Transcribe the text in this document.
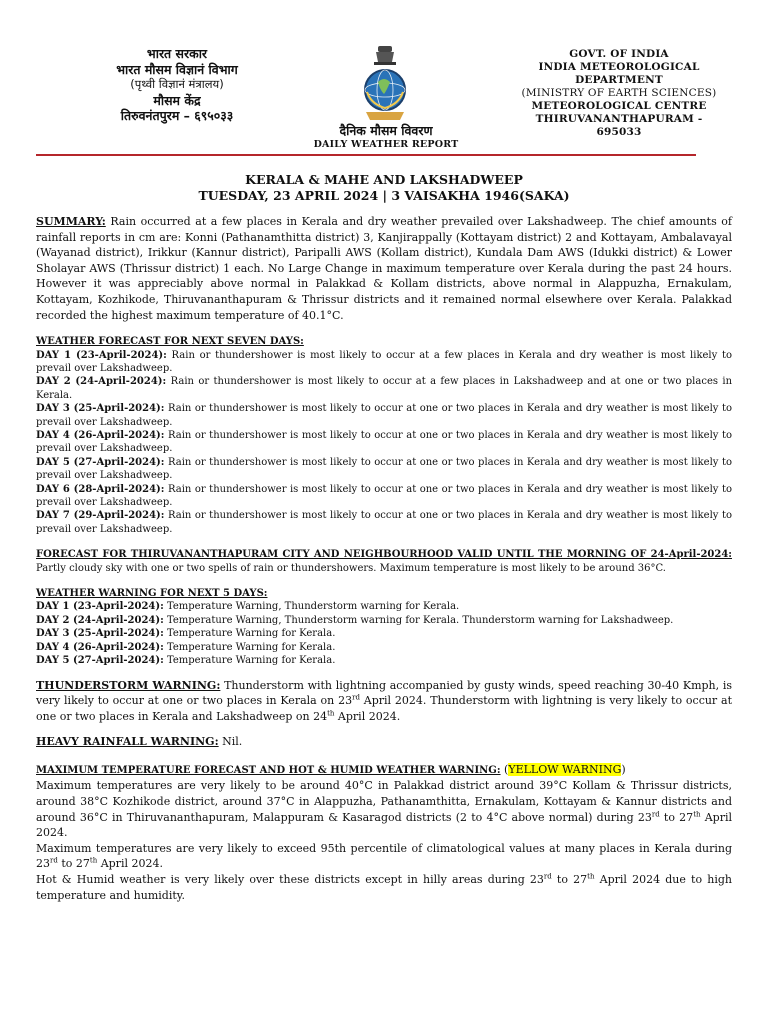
भारत सरकार
भारत मौसम विज्ञानं विभाग
(पृथ्वी विज्ञानं मंत्रालय)
मौसम केंद्र
तिरुवनंतपुरम – ६९५०३३
दैनिक मौसम विवरण
DAILY WEATHER REPORT
GOVT. OF INDIA
INDIA METEOROLOGICAL
DEPARTMENT
(MINISTRY OF EARTH SCIENCES)
METEOROLOGICAL CENTRE
THIRUVANANTHAPURAM -
695033
KERALA & MAHE AND LAKSHADWEEP
TUESDAY, 23 APRIL 2024 | 3 VAISAKHA 1946(SAKA)
SUMMARY: Rain occurred at a few places in Kerala and dry weather prevailed over Lakshadweep. The chief amounts of rainfall reports in cm are: Konni (Pathanamthitta district) 3, Kanjirappally (Kottayam district) 2 and Kottayam, Ambalavayal (Wayanad district), Irikkur (Kannur district), Paripalli AWS (Kollam district), Kundala Dam AWS (Idukki district) & Lower Sholayar AWS (Thrissur district) 1 each. No Large Change in maximum temperature over Kerala during the past 24 hours. However it was appreciably above normal in Palakkad & Kollam districts, above normal in Alappuzha, Ernakulam, Kottayam, Kozhikode, Thiruvananthapuram & Thrissur districts and it remained normal elsewhere over Kerala. Palakkad recorded the highest maximum temperature of 40.1°C.
WEATHER FORECAST FOR NEXT SEVEN DAYS:
DAY 1 (23-April-2024): Rain or thundershower is most likely to occur at a few places in Kerala and dry weather is most likely to prevail over Lakshadweep.
DAY 2 (24-April-2024): Rain or thundershower is most likely to occur at a few places in Lakshadweep and at one or two places in Kerala.
DAY 3 (25-April-2024): Rain or thundershower is most likely to occur at one or two places in Kerala and dry weather is most likely to prevail over Lakshadweep.
DAY 4 (26-April-2024): Rain or thundershower is most likely to occur at one or two places in Kerala and dry weather is most likely to prevail over Lakshadweep.
DAY 5 (27-April-2024): Rain or thundershower is most likely to occur at one or two places in Kerala and dry weather is most likely to prevail over Lakshadweep.
DAY 6 (28-April-2024): Rain or thundershower is most likely to occur at one or two places in Kerala and dry weather is most likely to prevail over Lakshadweep.
DAY 7 (29-April-2024): Rain or thundershower is most likely to occur at one or two places in Kerala and dry weather is most likely to prevail over Lakshadweep.
FORECAST FOR THIRUVANANTHAPURAM CITY AND NEIGHBOURHOOD VALID UNTIL THE MORNING OF 24-April-2024: Partly cloudy sky with one or two spells of rain or thundershowers. Maximum temperature is most likely to be around 36°C.
WEATHER WARNING FOR NEXT 5 DAYS:
DAY 1 (23-April-2024): Temperature Warning, Thunderstorm warning for Kerala.
DAY 2 (24-April-2024): Temperature Warning, Thunderstorm warning for Kerala. Thunderstorm warning for Lakshadweep.
DAY 3 (25-April-2024): Temperature Warning for Kerala.
DAY 4 (26-April-2024): Temperature Warning for Kerala.
DAY 5 (27-April-2024): Temperature Warning for Kerala.
THUNDERSTORM WARNING: Thunderstorm with lightning accompanied by gusty winds, speed reaching 30-40 Kmph, is very likely to occur at one or two places in Kerala on 23rd April 2024. Thunderstorm with lightning is very likely to occur at one or two places in Kerala and Lakshadweep on 24th April 2024.
HEAVY RAINFALL WARNING: Nil.
MAXIMUM TEMPERATURE FORECAST AND HOT & HUMID WEATHER WARNING: (YELLOW WARNING)
Maximum temperatures are very likely to be around 40°C in Palakkad district around 39°C Kollam & Thrissur districts, around 38°C Kozhikode district, around 37°C in Alappuzha, Pathanamthitta, Ernakulam, Kottayam & Kannur districts and around 36°C in Thiruvananthapuram, Malappuram & Kasaragod districts (2 to 4°C above normal) during 23rd to 27th April 2024.
Maximum temperatures are very likely to exceed 95th percentile of climatological values at many places in Kerala during 23rd to 27th April 2024.
Hot & Humid weather is very likely over these districts except in hilly areas during 23rd to 27th April 2024 due to high temperature and humidity.
